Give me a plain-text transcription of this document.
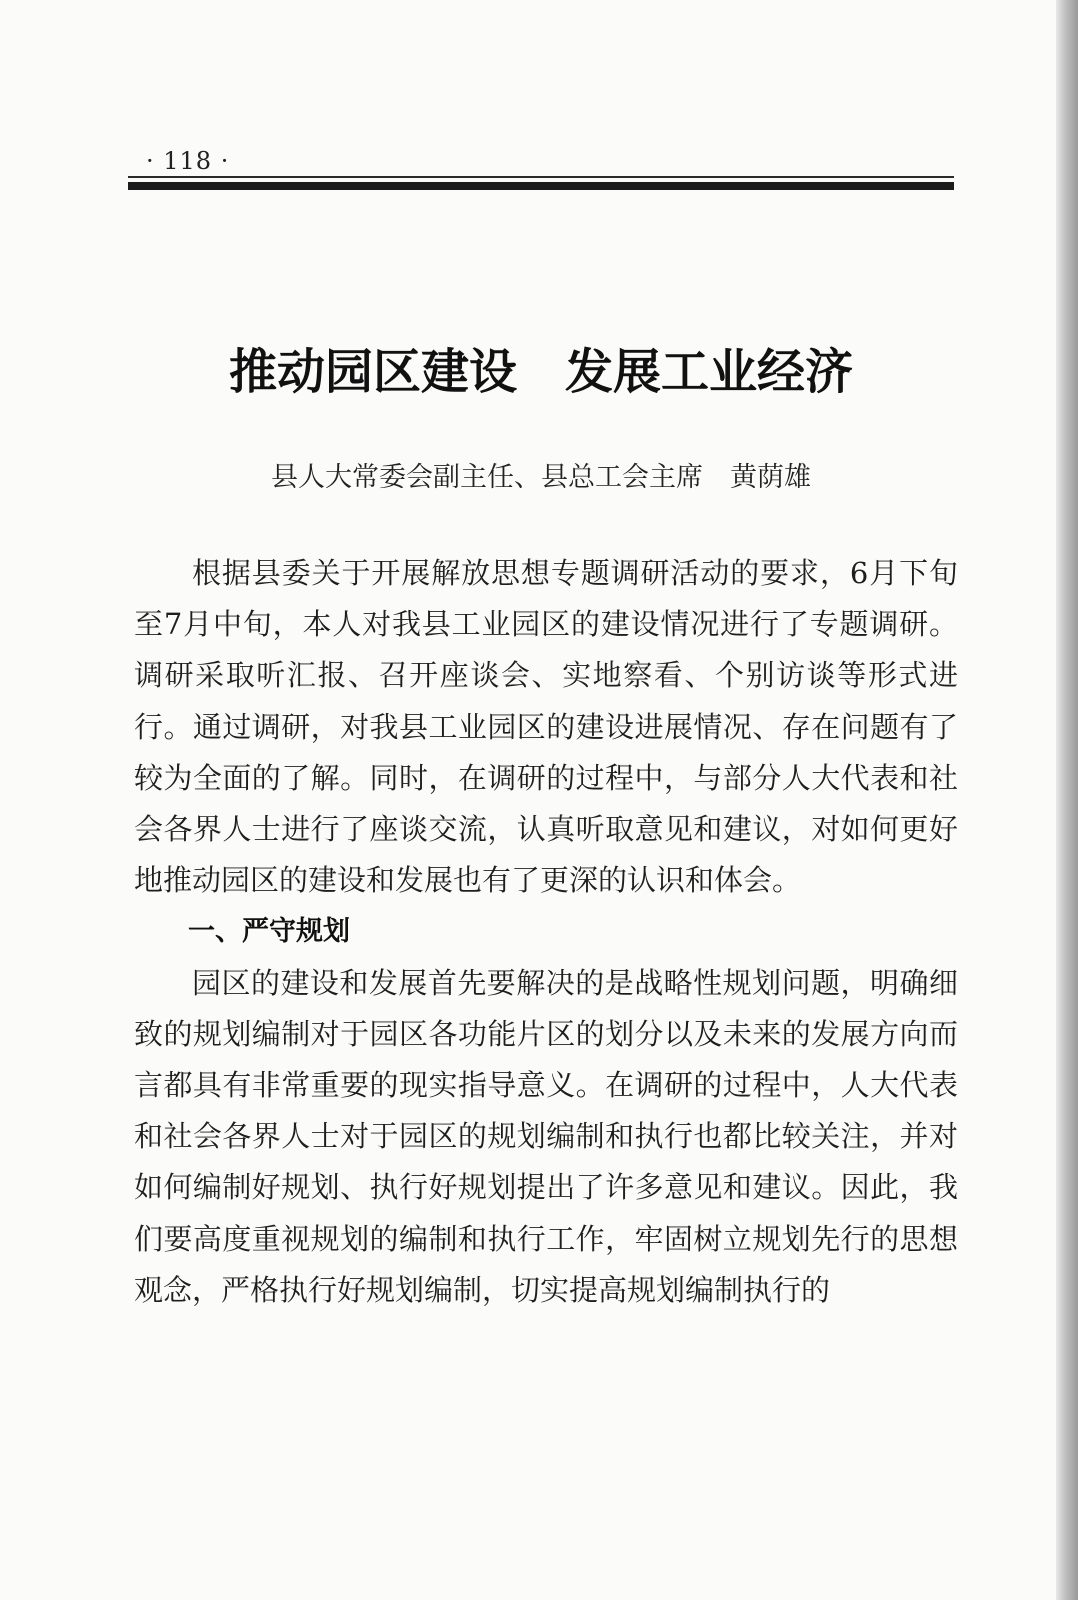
· 118 ·
推动园区建设　发展工业经济
县人大常委会副主任、县总工会主席　黄荫雄

根据县委关于开展解放思想专题调研活动的要求，6月下旬至7月中旬，本人对我县工业园区的建设情况进行了专题调研。调研采取听汇报、召开座谈会、实地察看、个别访谈等形式进行。通过调研，对我县工业园区的建设进展情况、存在问题有了较为全面的了解。同时，在调研的过程中，与部分人大代表和社会各界人士进行了座谈交流，认真听取意见和建议，对如何更好地推动园区的建设和发展也有了更深的认识和体会。

一、严守规划

园区的建设和发展首先要解决的是战略性规划问题，明确细致的规划编制对于园区各功能片区的划分以及未来的发展方向而言都具有非常重要的现实指导意义。在调研的过程中，人大代表和社会各界人士对于园区的规划编制和执行也都比较关注，并对如何编制好规划、执行好规划提出了许多意见和建议。因此，我们要高度重视规划的编制和执行工作，牢固树立规划先行的思想观念，严格执行好规划编制，切实提高规划编制执行的
